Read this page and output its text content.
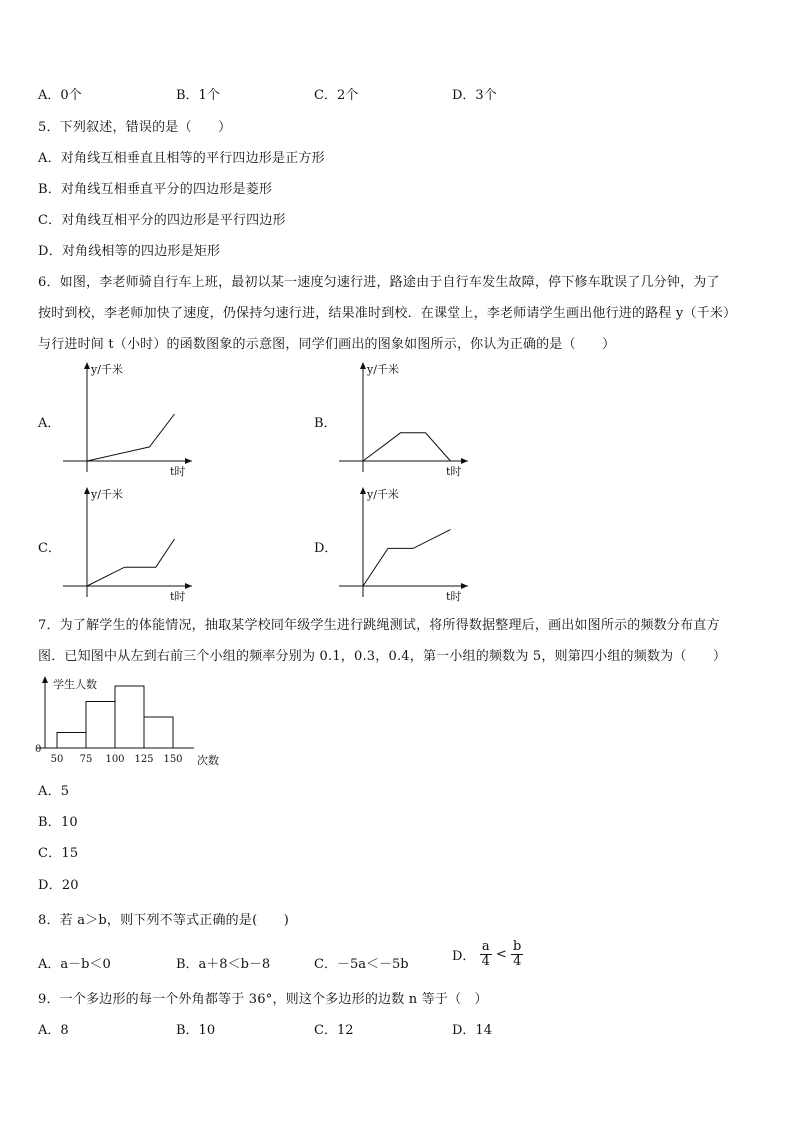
A．0个	B．1个	C．2个	D．3个
5．下列叙述，错误的是（　　）
A．对角线互相垂直且相等的平行四边形是正方形
B．对角线互相垂直平分的四边形是菱形
C．对角线互相平分的四边形是平行四边形
D．对角线相等的四边形是矩形
6．如图，李老师骑自行车上班，最初以某一速度匀速行进，路途由于自行车发生故障，停下修车耽误了几分钟，为了
按时到校，李老师加快了速度，仍保持匀速行进，结果准时到校．在课堂上，李老师请学生画出他行进的路程 y（千米）
与行进时间 t（小时）的函数图象的示意图，同学们画出的图象如图所示，你认为正确的是（　　）
A．	B．
C．	D．
y/千米
t时
y/千米
t时
y/千米
t时
y/千米
t时
7．为了解学生的体能情况，抽取某学校同年级学生进行跳绳测试，将所得数据整理后，画出如图所示的频数分布直方
图．已知图中从左到右前三个小组的频率分别为 0.1，0.3，0.4，第一小组的频数为 5，则第四小组的频数为（　　）
学生人数
0
50 75 100 125 150 次数
A．5
B．10
C．15
D．20
8．若 a＞b，则下列不等式正确的是(　　)
A．a－b＜0	B．a＋8＜b－8	C．－5a＜－5b
D． $\frac{a}{4} < \frac{b}{4}$
9．一个多边形的每一个外角都等于 36°，则这个多边形的边数 n 等于（　）
A．8	B．10	C．12	D．14
